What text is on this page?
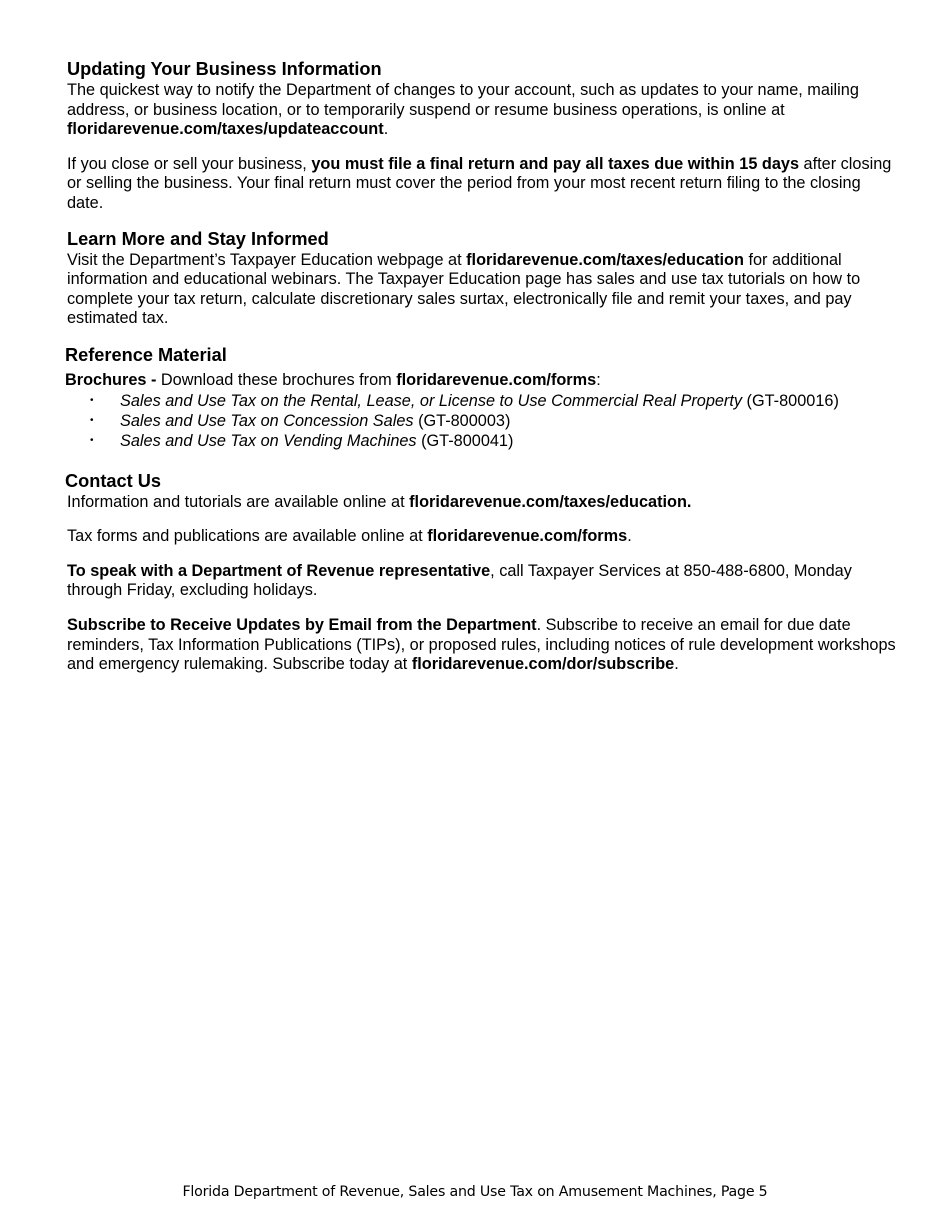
Updating Your Business Information

The quickest way to notify the Department of changes to your account, such as updates to your name, mailing address, or business location, or to temporarily suspend or resume business operations, is online at floridarevenue.com/taxes/updateaccount.

If you close or sell your business, you must file a final return and pay all taxes due within 15 days after closing or selling the business. Your final return must cover the period from your most recent return filing to the closing date.

Learn More and Stay Informed

Visit the Department’s Taxpayer Education webpage at floridarevenue.com/taxes/education for additional information and educational webinars. The Taxpayer Education page has sales and use tax tutorials on how to complete your tax return, calculate discretionary sales surtax, electronically file and remit your taxes, and pay estimated tax.

Reference Material

Brochures - Download these brochures from floridarevenue.com/forms:

• Sales and Use Tax on the Rental, Lease, or License to Use Commercial Real Property (GT-800016)
• Sales and Use Tax on Concession Sales (GT-800003)
• Sales and Use Tax on Vending Machines (GT-800041)
Contact Us

Information and tutorials are available online at floridarevenue.com/taxes/education.

Tax forms and publications are available online at floridarevenue.com/forms.

To speak with a Department of Revenue representative, call Taxpayer Services at 850-488-6800, Monday through Friday, excluding holidays.

Subscribe to Receive Updates by Email from the Department. Subscribe to receive an email for due date reminders, Tax Information Publications (TIPs), or proposed rules, including notices of rule development workshops and emergency rulemaking. Subscribe today at floridarevenue.com/dor/subscribe.

Florida Department of Revenue, Sales and Use Tax on Amusement Machines, Page 5
